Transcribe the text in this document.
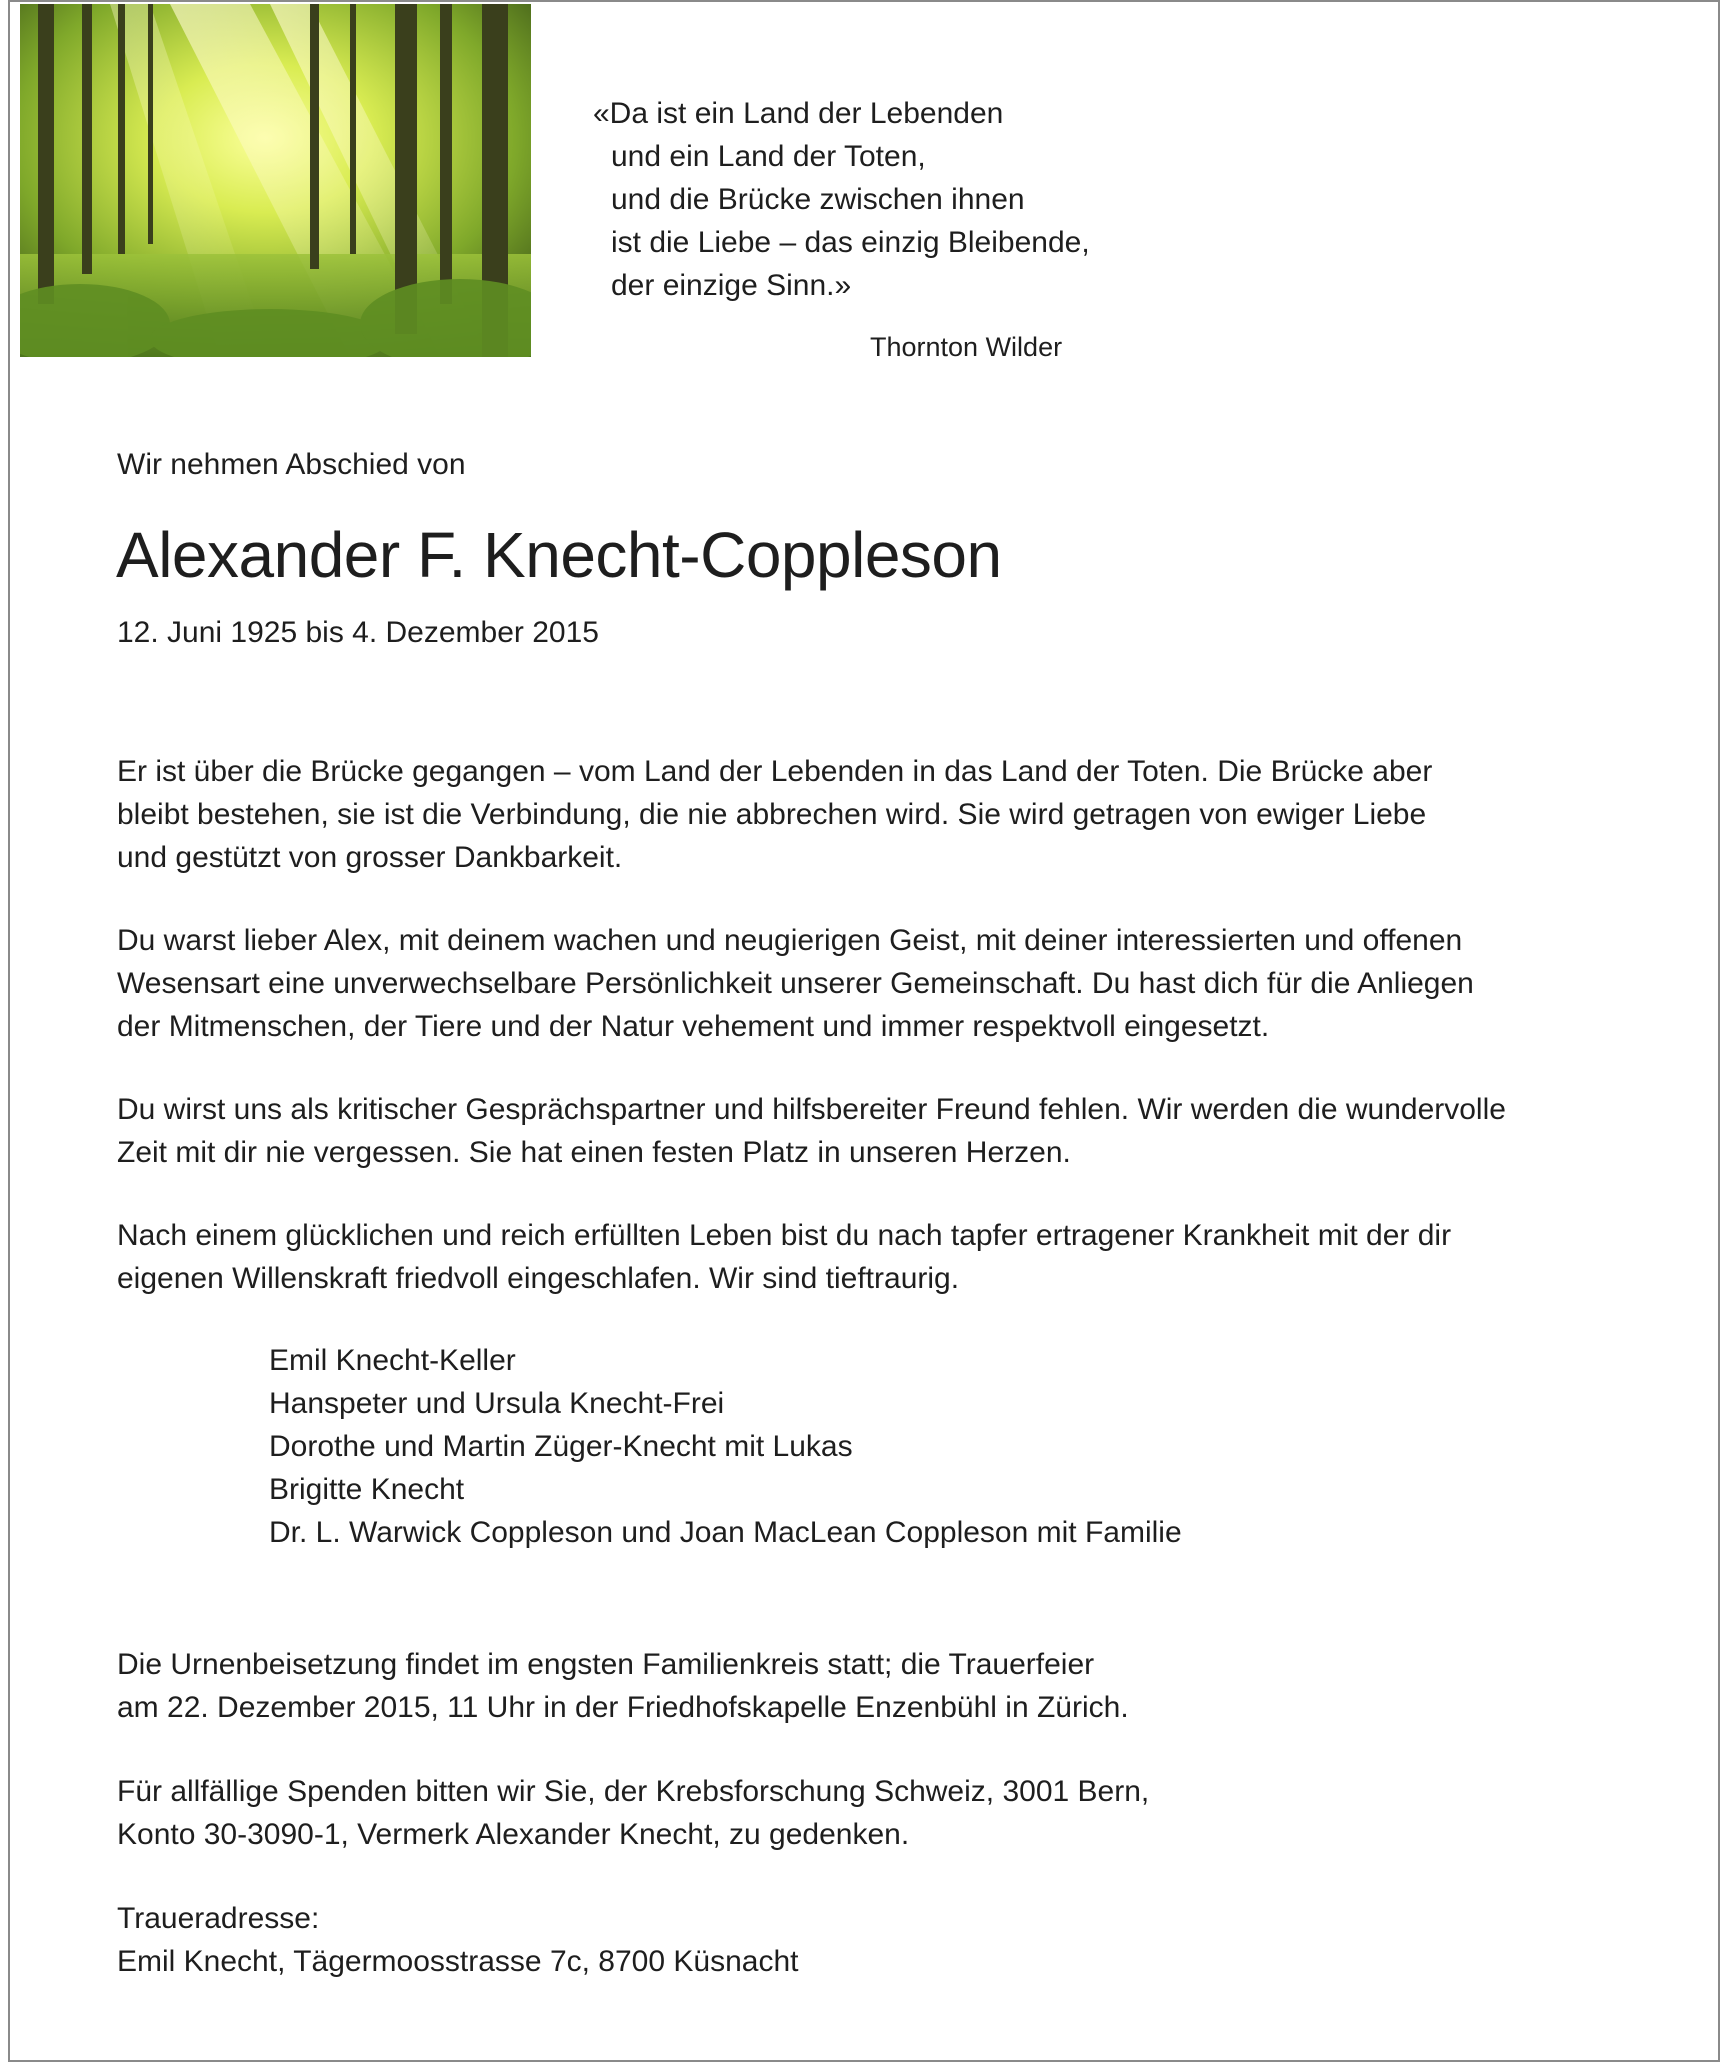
«Da ist ein Land der Lebenden
und ein Land der Toten,
und die Brücke zwischen ihnen
ist die Liebe – das einzig Bleibende,
der einzige Sinn.»
Thornton Wilder
Wir nehmen Abschied von
Alexander F. Knecht-Coppleson
12. Juni 1925 bis 4. Dezember 2015

Er ist über die Brücke gegangen – vom Land der Lebenden in das Land der Toten. Die Brücke aber
bleibt bestehen, sie ist die Verbindung, die nie abbrechen wird. Sie wird getragen von ewiger Liebe
und gestützt von grosser Dankbarkeit.

Du warst lieber Alex, mit deinem wachen und neugierigen Geist, mit deiner interessierten und offenen
Wesensart eine unverwechselbare Persönlichkeit unserer Gemeinschaft. Du hast dich für die Anliegen
der Mitmenschen, der Tiere und der Natur vehement und immer respektvoll eingesetzt.

Du wirst uns als kritischer Gesprächspartner und hilfsbereiter Freund fehlen. Wir werden die wundervolle
Zeit mit dir nie vergessen. Sie hat einen festen Platz in unseren Herzen.

Nach einem glücklichen und reich erfüllten Leben bist du nach tapfer ertragener Krankheit mit der dir
eigenen Willenskraft friedvoll eingeschlafen. Wir sind tieftraurig.

Emil Knecht-Keller
Hanspeter und Ursula Knecht-Frei
Dorothe und Martin Züger-Knecht mit Lukas
Brigitte Knecht
Dr. L. Warwick Coppleson und Joan MacLean Coppleson mit Familie

Die Urnenbeisetzung findet im engsten Familienkreis statt; die Trauerfeier
am 22. Dezember 2015, 11 Uhr in der Friedhofskapelle Enzenbühl in Zürich.

Für allfällige Spenden bitten wir Sie, der Krebsforschung Schweiz, 3001 Bern,
Konto 30-3090-1, Vermerk Alexander Knecht, zu gedenken.

Traueradresse:
Emil Knecht, Tägermoosstrasse 7c, 8700 Küsnacht
